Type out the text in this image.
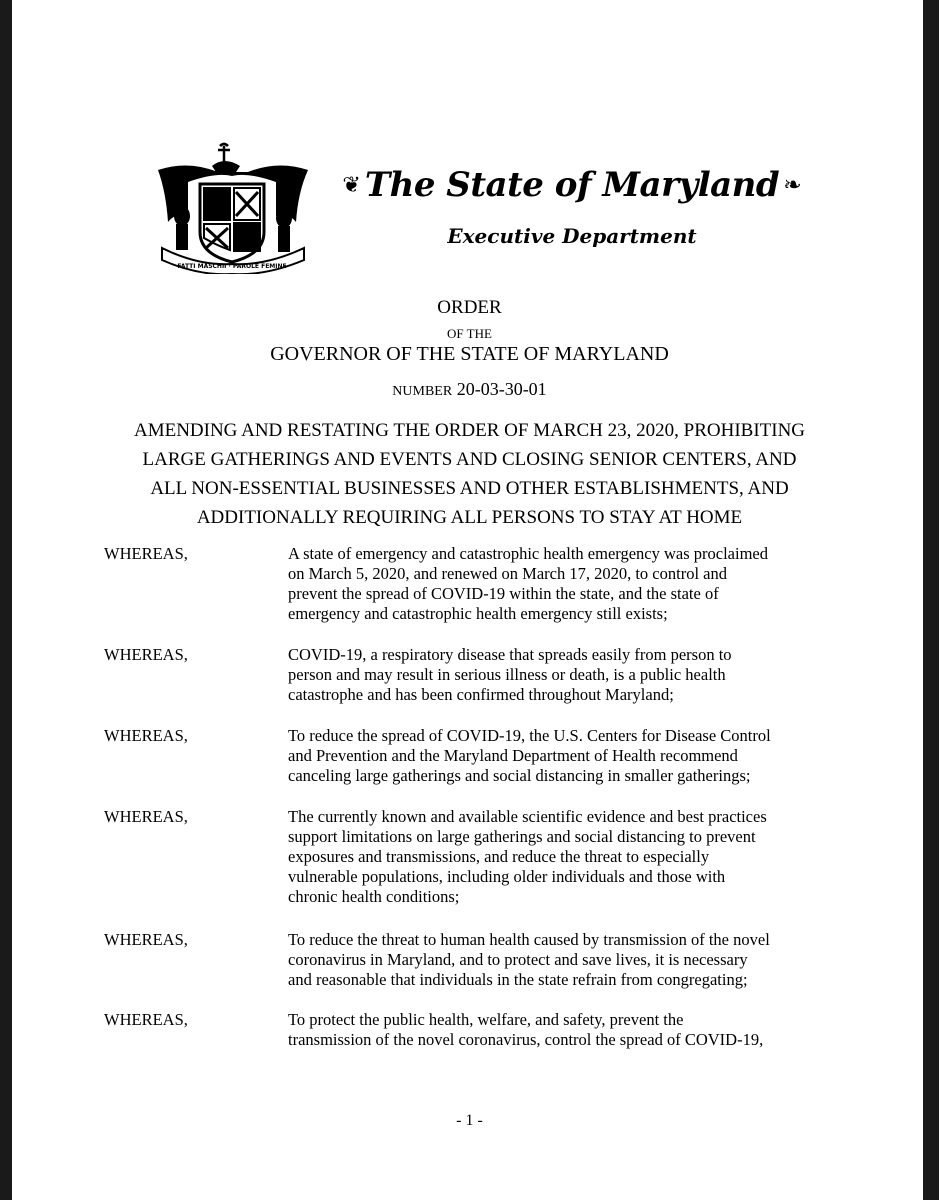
FATTI MASCHII · PAROLE FEMINE
❦ The State of Maryland ❧
Executive Department
ORDER
OF THE
GOVERNOR OF THE STATE OF MARYLAND
NUMBER 20-03-30-01
AMENDING AND RESTATING THE ORDER OF MARCH 23, 2020, PROHIBITING
LARGE GATHERINGS AND EVENTS AND CLOSING SENIOR CENTERS, AND
ALL NON-ESSENTIAL BUSINESSES AND OTHER ESTABLISHMENTS, AND
ADDITIONALLY REQUIRING ALL PERSONS TO STAY AT HOME
WHEREAS,	A state of emergency and catastrophic health emergency was proclaimed
on March 5, 2020, and renewed on March 17, 2020, to control and
prevent the spread of COVID-19 within the state, and the state of
emergency and catastrophic health emergency still exists;
WHEREAS,	COVID-19, a respiratory disease that spreads easily from person to
person and may result in serious illness or death, is a public health
catastrophe and has been confirmed throughout Maryland;
WHEREAS,	To reduce the spread of COVID-19, the U.S. Centers for Disease Control
and Prevention and the Maryland Department of Health recommend
canceling large gatherings and social distancing in smaller gatherings;
WHEREAS,	The currently known and available scientific evidence and best practices
support limitations on large gatherings and social distancing to prevent
exposures and transmissions, and reduce the threat to especially
vulnerable populations, including older individuals and those with
chronic health conditions;
WHEREAS,	To reduce the threat to human health caused by transmission of the novel
coronavirus in Maryland, and to protect and save lives, it is necessary
and reasonable that individuals in the state refrain from congregating;
WHEREAS,	To protect the public health, welfare, and safety, prevent the
transmission of the novel coronavirus, control the spread of COVID-19,
- 1 -
